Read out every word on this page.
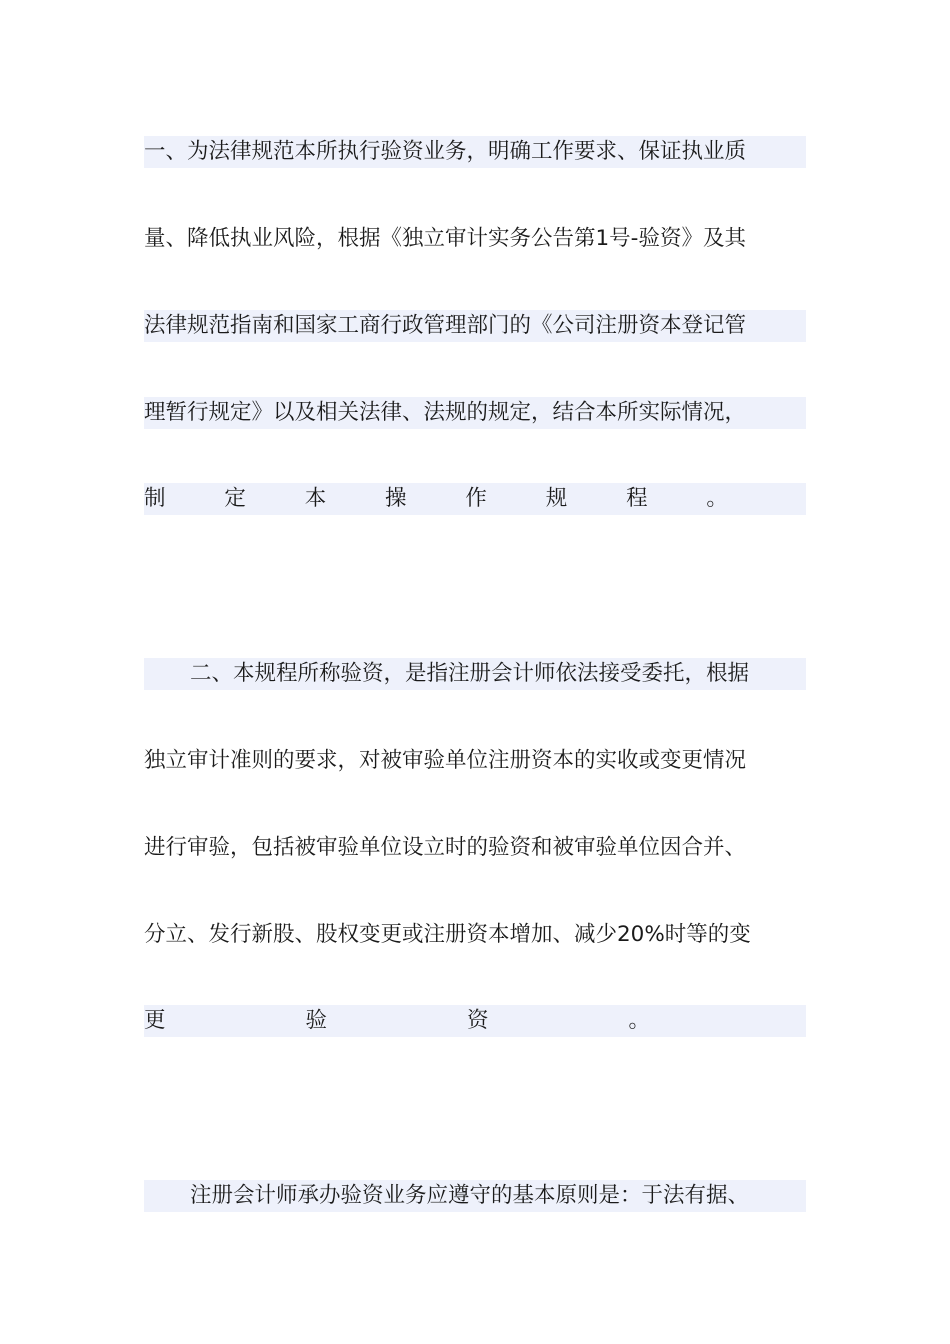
一、为法律规范本所执行验资业务，明确工作要求、保证执业质
量、降低执业风险，根据《独立审计实务公告第1号-验资》及其
法律规范指南和国家工商行政管理部门的《公司注册资本登记管
理暂行规定》以及相关法律、法规的规定，结合本所实际情况，
制	定	本	操	作	规	程	。
二、本规程所称验资，是指注册会计师依法接受委托，根据
独立审计准则的要求，对被审验单位注册资本的实收或变更情况
进行审验，包括被审验单位设立时的验资和被审验单位因合并、
分立、发行新股、股权变更或注册资本增加、减少20%时等的变
更	验	资	。
注册会计师承办验资业务应遵守的基本原则是：于法有据、
